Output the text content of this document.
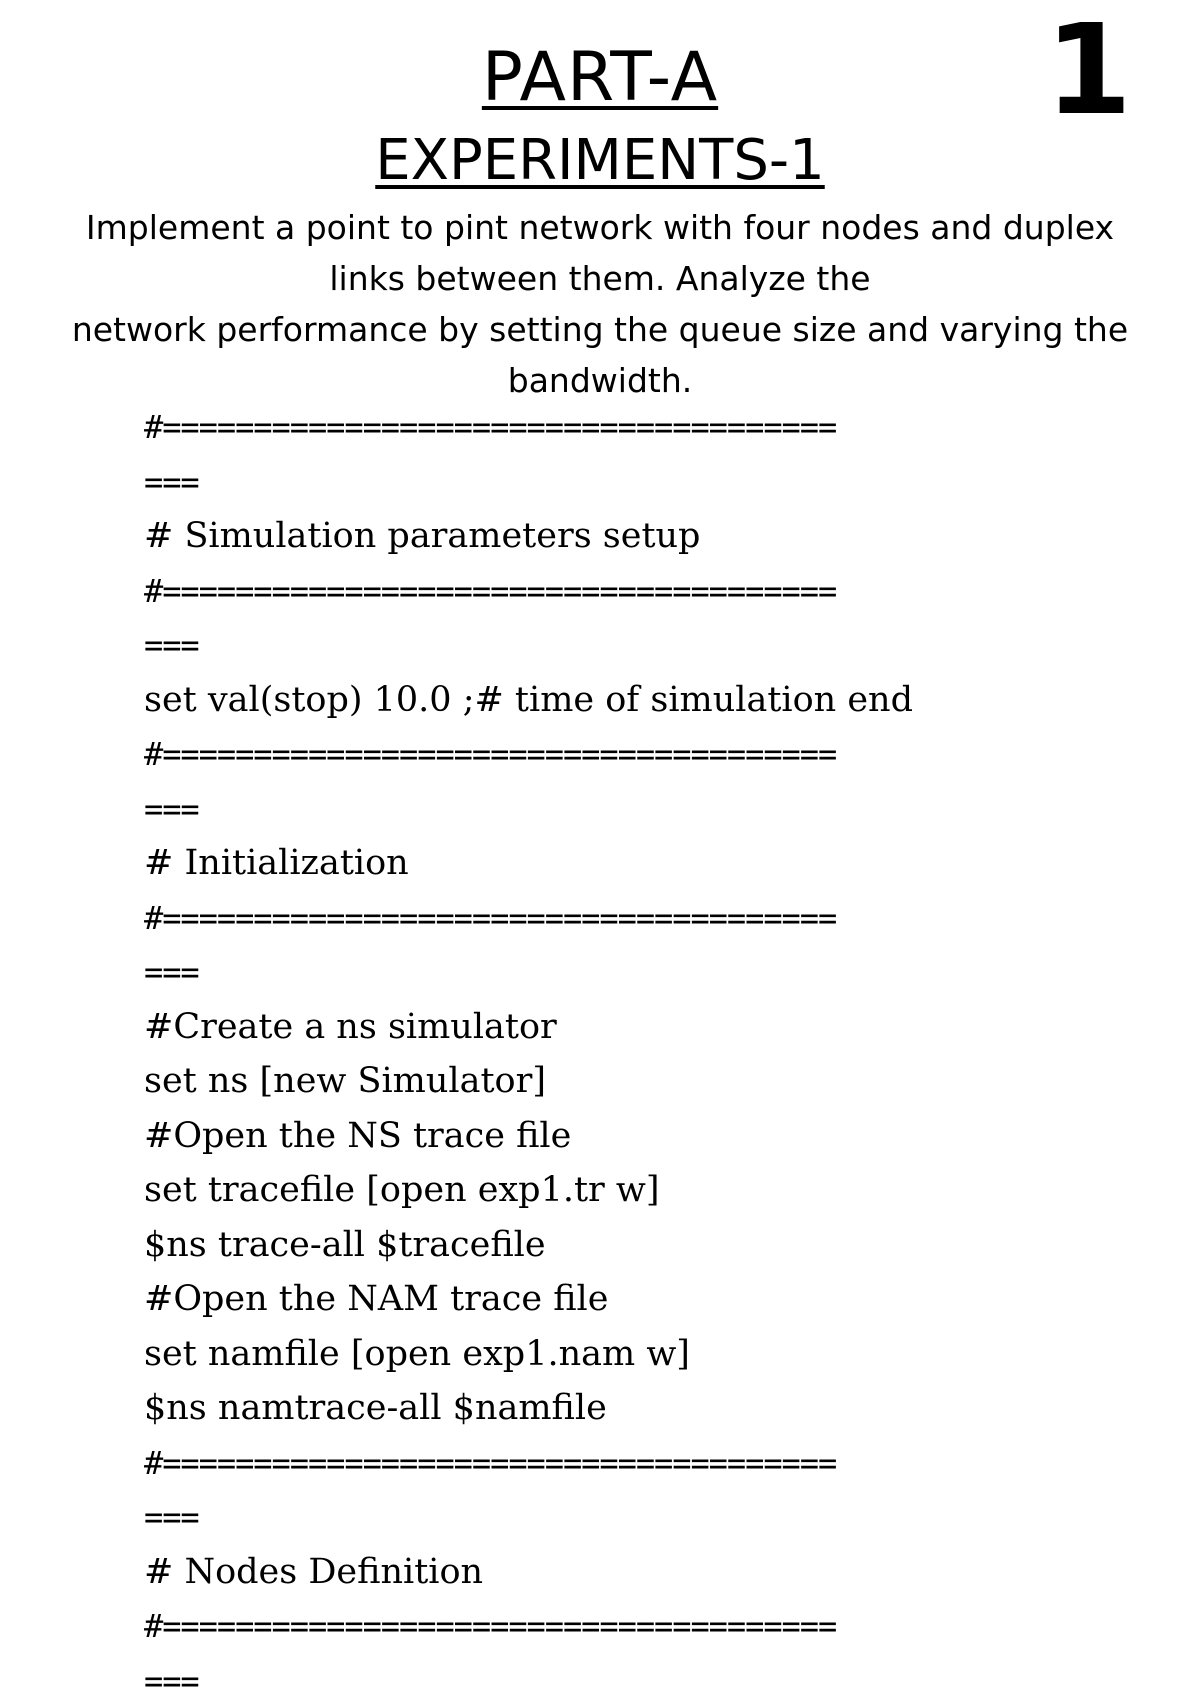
1
PART-A
EXPERIMENTS-1
Implement a point to pint network with four nodes and duplex
links between them. Analyze the
network performance by setting the queue size and varying the
bandwidth.
#=====================================
===
# Simulation parameters setup
#=====================================
===
set val(stop) 10.0 ;# time of simulation end
#=====================================
===
# Initialization
#=====================================
===
#Create a ns simulator
set ns [new Simulator]
#Open the NS trace file
set tracefile [open exp1.tr w]
$ns trace-all $tracefile
#Open the NAM trace file
set namfile [open exp1.nam w]
$ns namtrace-all $namfile
#=====================================
===
# Nodes Definition
#=====================================
===
